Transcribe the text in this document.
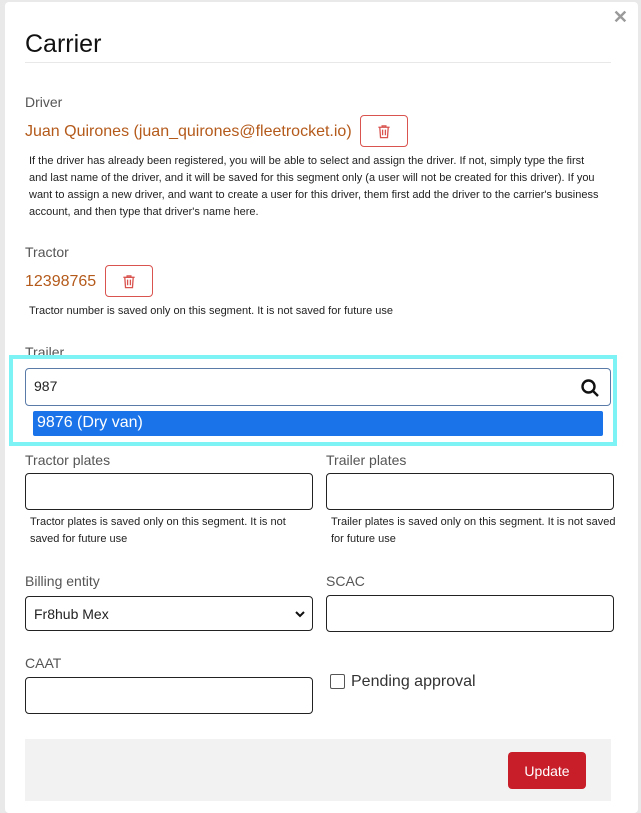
✕
Carrier
Driver
Juan Quirones (juan_quirones@fleetrocket.io)
If the driver has already been registered, you will be able to select and assign the driver. If not, simply type the first and last name of the driver, and it will be saved for this segment only (a user will not be created for this driver). If you want to assign a new driver, and want to create a user for this driver, them first add the driver to the carrier's business account, and then type that driver's name here.
Tractor
12398765
Tractor number is saved only on this segment. It is not saved for future use
Trailer
987
9876 (Dry van)
Tractor plates
Tractor plates is saved only on this segment. It is not saved for future use
Trailer plates
Trailer plates is saved only on this segment. It is not saved for future use
Billing entity
Fr8hub Mex
SCAC
CAAT
Pending approval
Update
